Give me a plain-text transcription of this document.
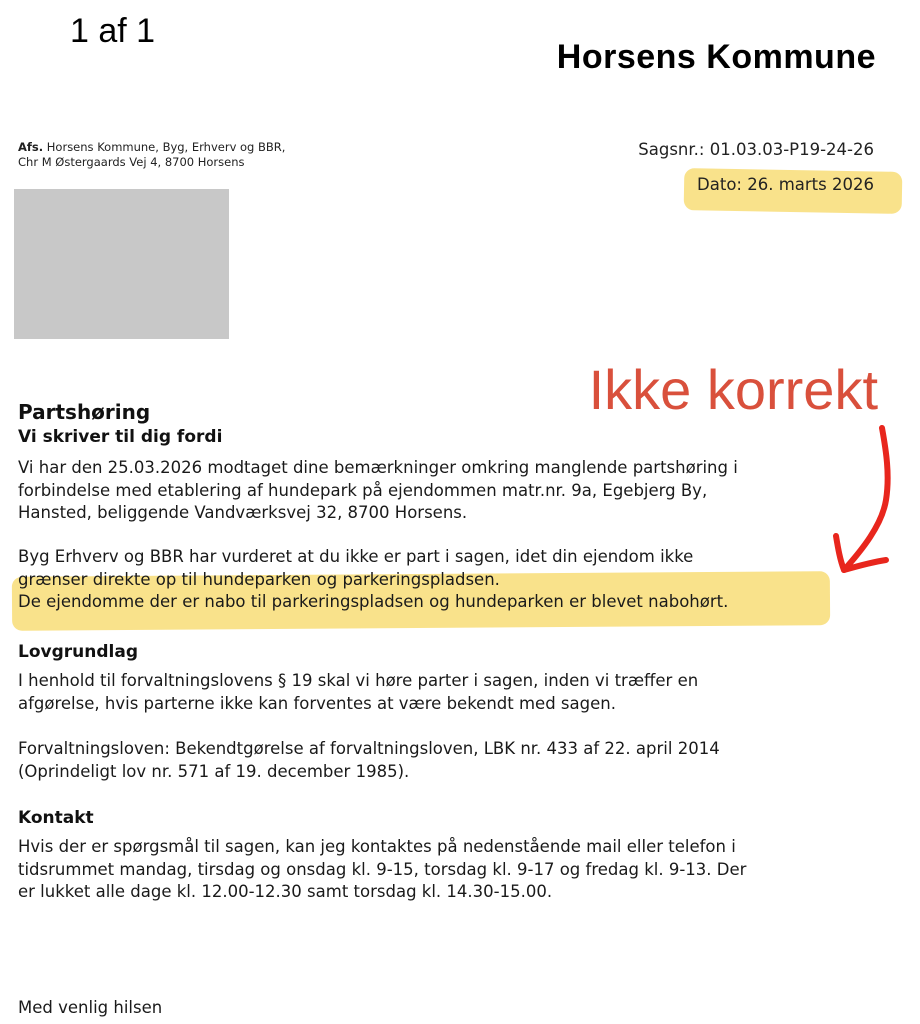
1 af 1
Horsens Kommune
Afs. Horsens Kommune, Byg, Erhverv og BBR,
Chr M Østergaards Vej 4, 8700 Horsens
Sagsnr.: 01.03.03-P19-24-26
Dato: 26. marts 2026
Ikke korrekt
Partshøring
Vi skriver til dig fordi
Vi har den 25.03.2026 modtaget dine bemærkninger omkring manglende partshøring i
forbindelse med etablering af hundepark på ejendommen matr.nr. 9a, Egebjerg By,
Hansted, beliggende Vandværksvej 32, 8700 Horsens.
Byg Erhverv og BBR har vurderet at du ikke er part i sagen, idet din ejendom ikke
grænser direkte op til hundeparken og parkeringspladsen.
De ejendomme der er nabo til parkeringspladsen og hundeparken er blevet nabohørt.
Lovgrundlag
I henhold til forvaltningslovens § 19 skal vi høre parter i sagen, inden vi træffer en
afgørelse, hvis parterne ikke kan forventes at være bekendt med sagen.
Forvaltningsloven: Bekendtgørelse af forvaltningsloven, LBK nr. 433 af 22. april 2014
(Oprindeligt lov nr. 571 af 19. december 1985).
Kontakt
Hvis der er spørgsmål til sagen, kan jeg kontaktes på nedenstående mail eller telefon i
tidsrummet mandag, tirsdag og onsdag kl. 9-15, torsdag kl. 9-17 og fredag kl. 9-13. Der
er lukket alle dage kl. 12.00-12.30 samt torsdag kl. 14.30-15.00.
Med venlig hilsen
